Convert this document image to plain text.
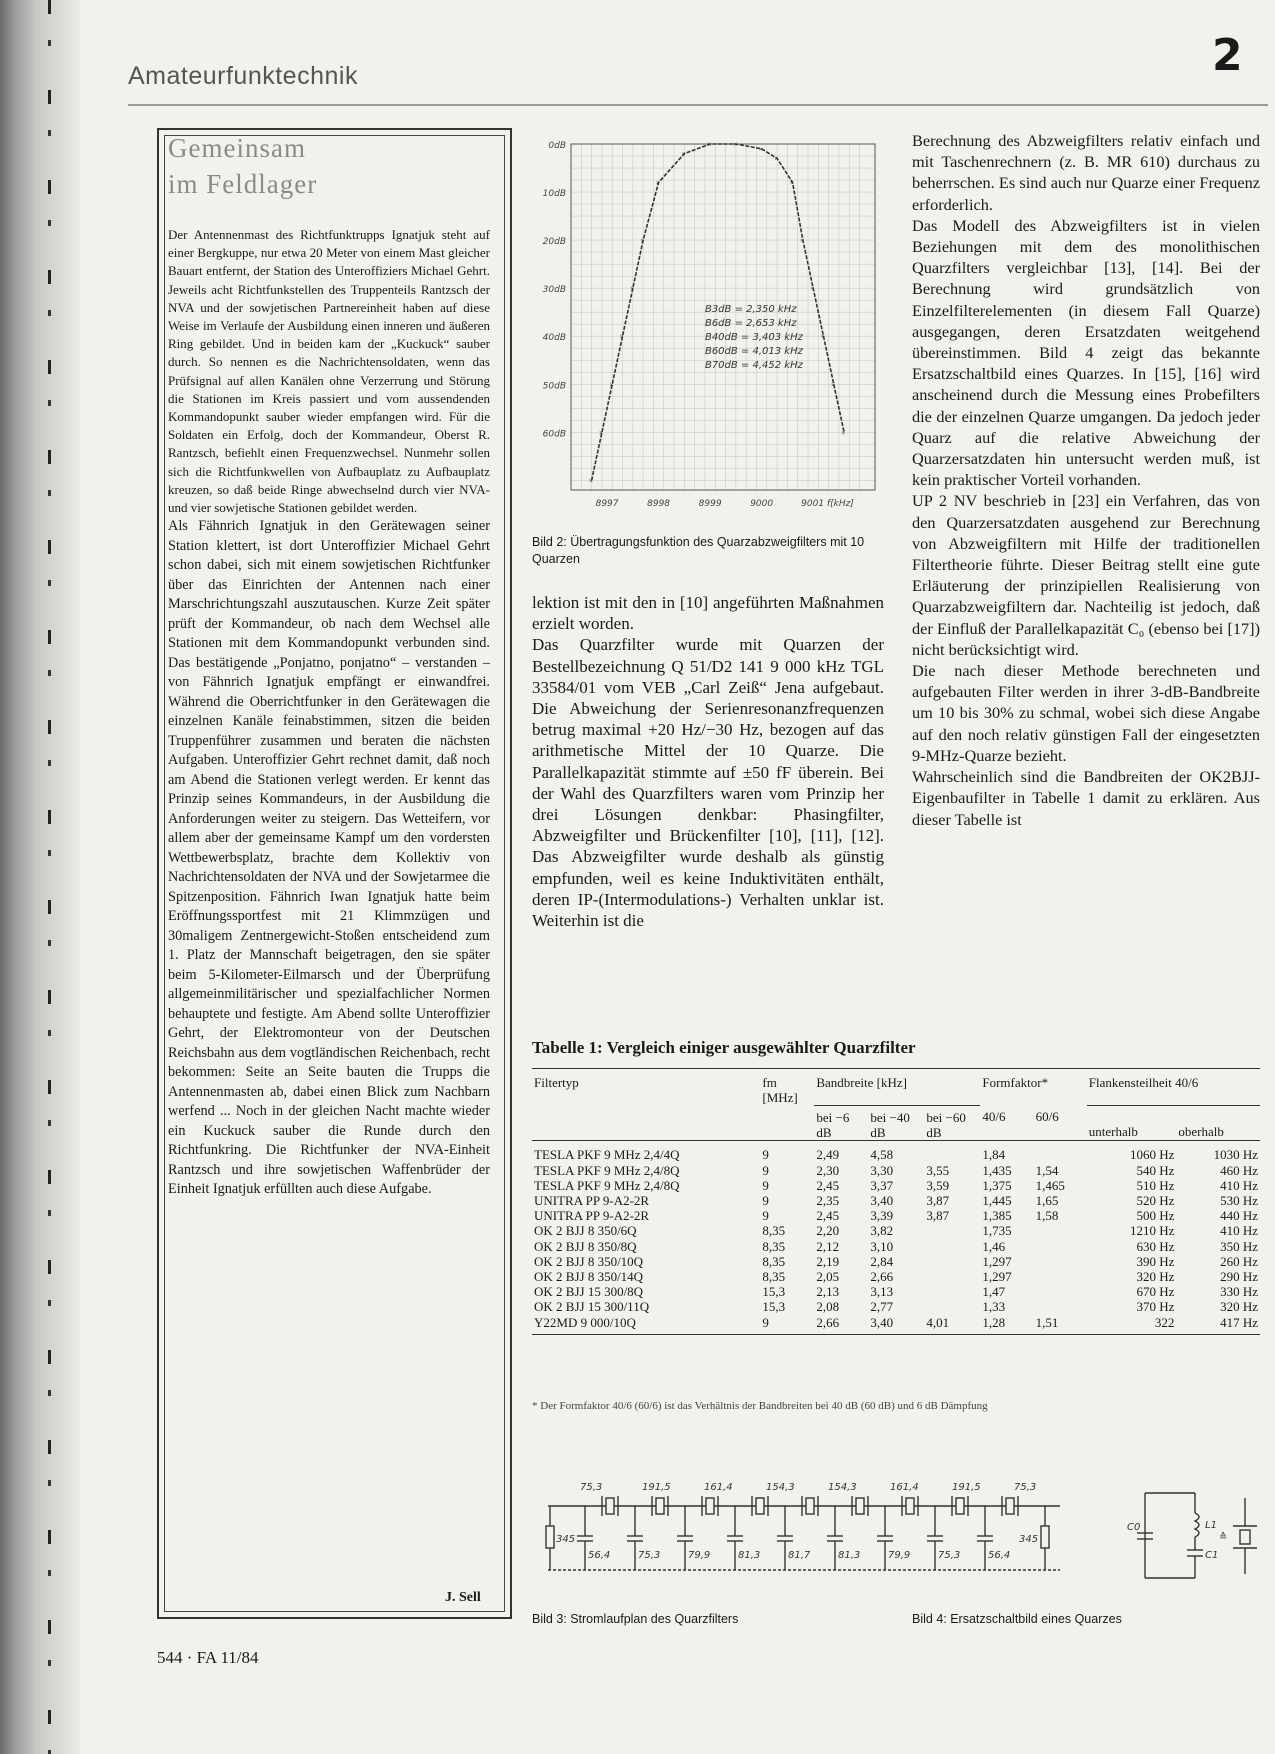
Amateurfunktechnik	2
Gemeinsam
im Feldlager

Der Antennenmast des Richtfunktrupps Ignatjuk steht auf einer Bergkuppe, nur etwa 20 Meter von einem Mast gleicher Bauart entfernt, der Station des Unteroffiziers Michael Gehrt. Jeweils acht Richtfunkstellen des Truppenteils Rantzsch der NVA und der sowjetischen Partnereinheit haben auf diese Weise im Verlaufe der Ausbildung einen inneren und äußeren Ring gebildet. Und in beiden kam der „Kuckuck“ sauber durch. So nennen es die Nachrichtensoldaten, wenn das Prüfsignal auf allen Kanälen ohne Verzerrung und Störung die Stationen im Kreis passiert und vom aussendenden Kommandopunkt sauber wieder empfangen wird. Für die Soldaten ein Erfolg, doch der Kommandeur, Oberst R. Rantzsch, befiehlt einen Frequenzwechsel. Nunmehr sollen sich die Richtfunkwellen von Aufbauplatz zu Aufbauplatz kreuzen, so daß beide Ringe abwechselnd durch vier NVA- und vier sowjetische Stationen gebildet werden.

Als Fähnrich Ignatjuk in den Gerätewagen seiner Station klettert, ist dort Unteroffizier Michael Gehrt schon dabei, sich mit einem sowjetischen Richtfunker über das Einrichten der Antennen nach einer Marschrichtungszahl auszutauschen. Kurze Zeit später prüft der Kommandeur, ob nach dem Wechsel alle Stationen mit dem Kommandopunkt verbunden sind. Das bestätigende „Ponjatno, ponjatno“ – verstanden – von Fähnrich Ignatjuk empfängt er einwandfrei. Während die Oberrichtfunker in den Gerätewagen die einzelnen Kanäle feinabstimmen, sitzen die beiden Truppenführer zusammen und beraten die nächsten Aufgaben. Unteroffizier Gehrt rechnet damit, daß noch am Abend die Stationen verlegt werden. Er kennt das Prinzip seines Kommandeurs, in der Ausbildung die Anforderungen weiter zu steigern. Das Wetteifern, vor allem aber der gemeinsame Kampf um den vordersten Wettbewerbsplatz, brachte dem Kollektiv von Nachrichtensoldaten der NVA und der Sowjetarmee die Spitzenposition. Fähnrich Iwan Ignatjuk hatte beim Eröffnungssportfest mit 21 Klimmzügen und 30maligem Zentnergewicht-Stoßen entscheidend zum 1. Platz der Mannschaft beigetragen, den sie später beim 5-Kilometer-Eilmarsch und der Überprüfung allgemeinmilitärischer und spezialfachlicher Normen behauptete und festigte. Am Abend sollte Unteroffizier Gehrt, der Elektromonteur von der Deutschen Reichsbahn aus dem vogtländischen Reichenbach, recht bekommen: Seite an Seite bauten die Trupps die Antennenmasten ab, dabei einen Blick zum Nachbarn werfend ... Noch in der gleichen Nacht machte wieder ein Kuckuck sauber die Runde durch den Richtfunkring. Die Richtfunker der NVA-Einheit Rantzsch und ihre sowjetischen Waffenbrüder der Einheit Ignatjuk erfüllten auch diese Aufgabe.

J. Sell
0dB
10dB
20dB
30dB
40dB
50dB
60dB
8997	8998	8999	9000	9001 f[kHz]
×
×
×
×
×
×
×
×
×	×
×
×
×
×
×
×
×
×
B3dB = 2,350 kHz
B6dB = 2,653 kHz
B40dB = 3,403 kHz
B60dB = 4,013 kHz
B70dB = 4,452 kHz
Bild 2: Übertragungsfunktion des Quarzabzweigfilters mit 10 Quarzen

lektion ist mit den in [10] angeführten Maßnahmen erzielt worden.

Das Quarzfilter wurde mit Quarzen der Bestellbezeichnung Q 51/D2 141 9 000 kHz TGL 33584/01 vom VEB „Carl Zeiß“ Jena aufgebaut. Die Abweichung der Serienresonanzfrequenzen betrug maximal +20 Hz/−30 Hz, bezogen auf das arithmetische Mittel der 10 Quarze. Die Parallelkapazität stimmte auf ±50 fF überein. Bei der Wahl des Quarzfilters waren vom Prinzip her drei Lösungen denkbar: Phasingfilter, Abzweigfilter und Brückenfilter [10], [11], [12]. Das Abzweigfilter wurde deshalb als günstig empfunden, weil es keine Induktivitäten enthält, deren IP-(Intermodulations-) Verhalten unklar ist. Weiterhin ist die

Berechnung des Abzweigfilters relativ einfach und mit Taschenrechnern (z. B. MR 610) durchaus zu beherrschen. Es sind auch nur Quarze einer Frequenz erforderlich.

Das Modell des Abzweigfilters ist in vielen Beziehungen mit dem des monolithischen Quarzfilters vergleichbar [13], [14]. Bei der Berechnung wird grundsätzlich von Einzelfilterelementen (in diesem Fall Quarze) ausgegangen, deren Ersatzdaten weitgehend übereinstimmen. Bild 4 zeigt das bekannte Ersatzschaltbild eines Quarzes. In [15], [16] wird anscheinend durch die Messung eines Probefilters die der einzelnen Quarze umgangen. Da jedoch jeder Quarz auf die relative Abweichung der Quarzersatzdaten hin untersucht werden muß, ist kein praktischer Vorteil vorhanden.

UP 2 NV beschrieb in [23] ein Verfahren, das von den Quarzersatzdaten ausgehend zur Berechnung von Abzweigfiltern mit Hilfe der traditionellen Filtertheorie führte. Dieser Beitrag stellt eine gute Erläuterung der prinzipiellen Realisierung von Quarzabzweigfiltern dar. Nachteilig ist jedoch, daß der Einfluß der Parallelkapazität C₀ (ebenso bei [17]) nicht berücksichtigt wird.

Die nach dieser Methode berechneten und aufgebauten Filter werden in ihrer 3-dB-Bandbreite um 10 bis 30% zu schmal, wobei sich diese Angabe auf den noch relativ günstigen Fall der eingesetzten 9-MHz-Quarze bezieht.

Wahrscheinlich sind die Bandbreiten der OK2BJJ-Eigenbaufilter in Tabelle 1 damit zu erklären. Aus dieser Tabelle ist

Tabelle 1: Vergleich einiger ausgewählter Quarzfilter
Filtertyp	fm [MHz]	Bandbreite [kHz]			Formfaktor*		Flankensteilheit 40/6	
		bei −6 dB	bei −40 dB	bei −60 dB	40/6	60/6	unterhalb	oberhalb

TESLA PKF 9 MHz 2,4/4Q	9	2,49	4,58		1,84		1060 Hz	1030 Hz
TESLA PKF 9 MHz 2,4/8Q	9	2,30	3,30	3,55	1,435	1,54	540 Hz	460 Hz
TESLA PKF 9 MHz 2,4/8Q	9	2,45	3,37	3,59	1,375	1,465	510 Hz	410 Hz
UNITRA PP 9-A2-2R	9	2,35	3,40	3,87	1,445	1,65	520 Hz	530 Hz
UNITRA PP 9-A2-2R	9	2,45	3,39	3,87	1,385	1,58	500 Hz	440 Hz
OK 2 BJJ 8 350/6Q	8,35	2,20	3,82		1,735		1210 Hz	410 Hz
OK 2 BJJ 8 350/8Q	8,35	2,12	3,10		1,46		630 Hz	350 Hz
OK 2 BJJ 8 350/10Q	8,35	2,19	2,84		1,297		390 Hz	260 Hz
OK 2 BJJ 8 350/14Q	8,35	2,05	2,66		1,297		320 Hz	290 Hz
OK 2 BJJ 15 300/8Q	15,3	2,13	3,13		1,47		670 Hz	330 Hz
OK 2 BJJ 15 300/11Q	15,3	2,08	2,77		1,33		370 Hz	320 Hz
Y22MD 9 000/10Q	9	2,66	3,40	4,01	1,28	1,51	322	417 Hz

* Der Formfaktor 40/6 (60/6) ist das Verhältnis der Bandbreiten bei 40 dB (60 dB) und 6 dB Dämpfung
345	345
75,3	191,5	161,4	154,3	154,3	161,4	191,5	75,3
56,4	75,3	79,9	81,3	81,7	81,3	79,9	75,3	56,4
Bild 3: Stromlaufplan des Quarzfilters
C0	L1
C1
≙
Bild 4: Ersatzschaltbild eines Quarzes
544 · FA 11/84
